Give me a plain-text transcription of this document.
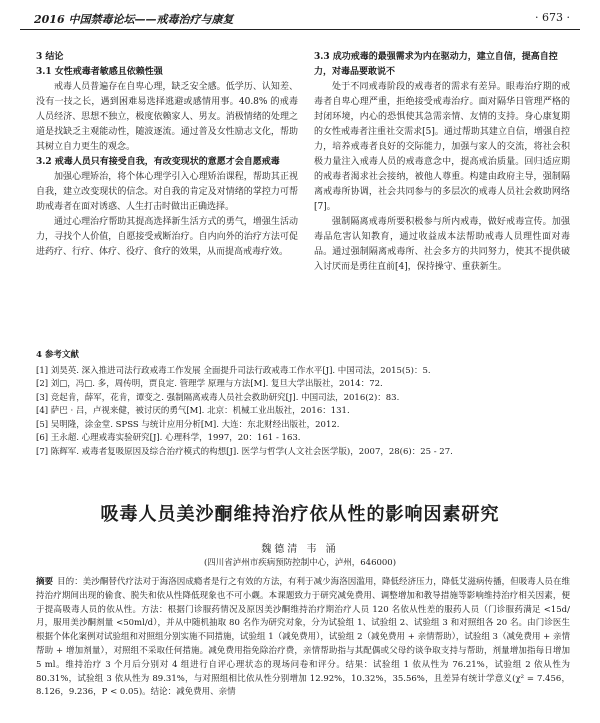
2016 中国禁毒论坛——戒毒治疗与康复	· 673 ·
3 结论
3.1 女性戒毒者敏感且依赖性强
戒毒人员普遍存在自卑心理，缺乏安全感。低学历、认知差、没有一技之长，遇到困难易选择逃避或感情用事。40.8% 的戒毒人员经济、思想不独立，极度依赖家人、男友。消极情绪的处理之道是找缺乏主观能动性，随波逐流。通过普及女性励志文化，帮助其树立自力更生的观念。
3.2 戒毒人员只有接受自我，有改变现状的意愿才会自愿戒毒
加强心理矫治，将个体心理学引入心理矫治课程，帮助其正视自我，建立改变现状的信念。对自我的肯定及对情绪的掌控力可帮助戒毒者在面对诱惑、人生打击时做出正确选择。
通过心理治疗帮助其提高选择新生活方式的勇气，增强生活动力，寻找个人价值，自愿接受戒断治疗。自内向外的治疗方法可促进药疗、行疗、体疗、役疗、食疗的效果，从而提高戒毒疗效。
3.3 成功戒毒的最强需求为内在驱动力，建立自信，提高自控力，对毒品要敢说不
处于不同戒毒阶段的戒毒者的需求有差异。眼毒治疗期的戒毒者自卑心理严重，拒绝接受戒毒治疗。面对隔华日管理严格的封闭环境，内心的恐惧使其急需亲情、友情的支持。身心康复期的女性戒毒者注重社交需求[5]。通过帮助其建立自信，增强自控力，培养戒毒者良好的交际能力，加强与家人的交流，将社会积极力量注入戒毒人员的戒毒意念中，提高戒治质量。回归适应期的戒毒者渴求社会接纳，被他人尊重。构建由政府主导，强制隔离戒毒所协调，社会共同参与的多层次的戒毒人员社会救助网络[7]。
强制隔离戒毒所要积极参与所内戒毒，做好戒毒宣传。加强毒品危害认知教育，通过收益成本法帮助戒毒人员理性面对毒品。通过强制隔离戒毒所、社会多方的共同努力，使其不提供破入讨厌而是勇往直前[4]，保持操守、重获新生。
4 参考文献
[1] 刘昊英. 深入推进司法行政戒毒工作发展 全面提升司法行政戒毒工作水平[J]. 中国司法，2015(5)：5.
[2] 刘□，冯□. 多，周传明，贾良定. 管理学 原理与方法[M]. 复旦大学出版社，2014：72.
[3] 竞起肯，薛军，花肯，谭变之. 强制隔离戒毒人员社会救助研究[J]. 中国司法，2016(2)：83.
[4] 萨巴 · 吕，卢视来健，被讨厌的勇气[M]. 北京：机械工业出版社，2016：131.
[5] 吴明隆，涂金堂. SPSS 与统计应用分析[M]. 大连：东北财经出版社，2012.
[6] 王永超. 心理戒毒实验研究[J]. 心理科学，1997，20：161 - 163.
[7] 陈辉军. 戒毒者复吸原因及综合治疗模式的构想[J]. 医学与哲学(人文社会医学版)，2007，28(6)：25 - 27.
吸毒人员美沙酮维持治疗依从性的影响因素研究
魏德清 韦 涌
(四川省泸州市疾病预防控制中心，泸州，646000)
摘要 目的：美沙酮替代疗法对于海洛因成瘾者是行之有效的方法，有利于减少海洛因滥用，降低经济压力，降低艾滋病传播，但吸毒人员在维持治疗期间出现的偷食、脱失和依从性降低现象也不可小觑。本课题致力于研究减免费用、调整增加和教导措施等影响维持治疗相关因素，便于提高吸毒人员的依从性。方法：根据门诊服药情况及原因美沙酮维持治疗期治疗人员 120 名依从性差的服药人员（门诊服药满足 <15d/月，服用美沙酮剂量 <50ml/d），并从中随机抽取 80 名作为研究对象，分为试验组 1、试验组 2、试验组 3 和对照组各 20 名。由门诊医生根据个体化案例对试验组和对照组分别实施不同措施，试验组 1（减免费用），试验组 2（减免费用 + 亲情帮助），试验组 3（减免费用 + 亲情帮助 + 增加剂量），对照组不采取任何措施。减免费用指免除治疗费，亲情帮助指与其配偶或父母约谈争取支持与帮助，剂量增加指每日增加 5 ml。维持治疗 3 个月后分别对 4 组进行自评心理状态的现场问卷和评分。结果：试验组 1 依从性为 76.21%，试验组 2 依从性为 80.31%，试验组 3 依从性为 89.31%，与对照组相比依从性分别增加 12.92%，10.32%，35.56%，且差异有统计学意义(χ² = 7.456，8.126，9.236，P < 0.05)。结论：减免费用、亲情
